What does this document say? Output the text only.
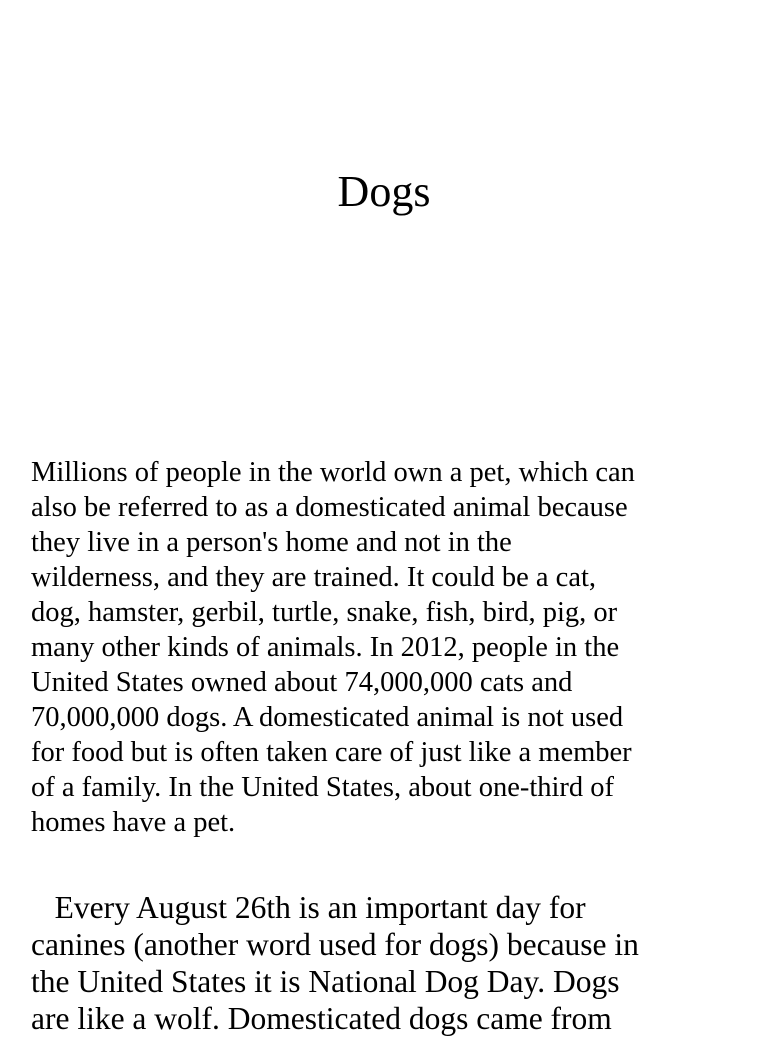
Dogs

Millions of people in the world own a pet, which can
also be referred to as a domesticated animal because
they live in a person's home and not in the
wilderness, and they are trained. It could be a cat,
dog, hamster, gerbil, turtle, snake, fish, bird, pig, or
many other kinds of animals. In 2012, people in the
United States owned about 74,000,000 cats and
70,000,000 dogs. A domesticated animal is not used
for food but is often taken care of just like a member
of a family. In the United States, about one-third of
homes have a pet.

Every August 26th is an important day for
canines (another word used for dogs) because in
the United States it is National Dog Day. Dogs
are like a wolf. Domesticated dogs came from
